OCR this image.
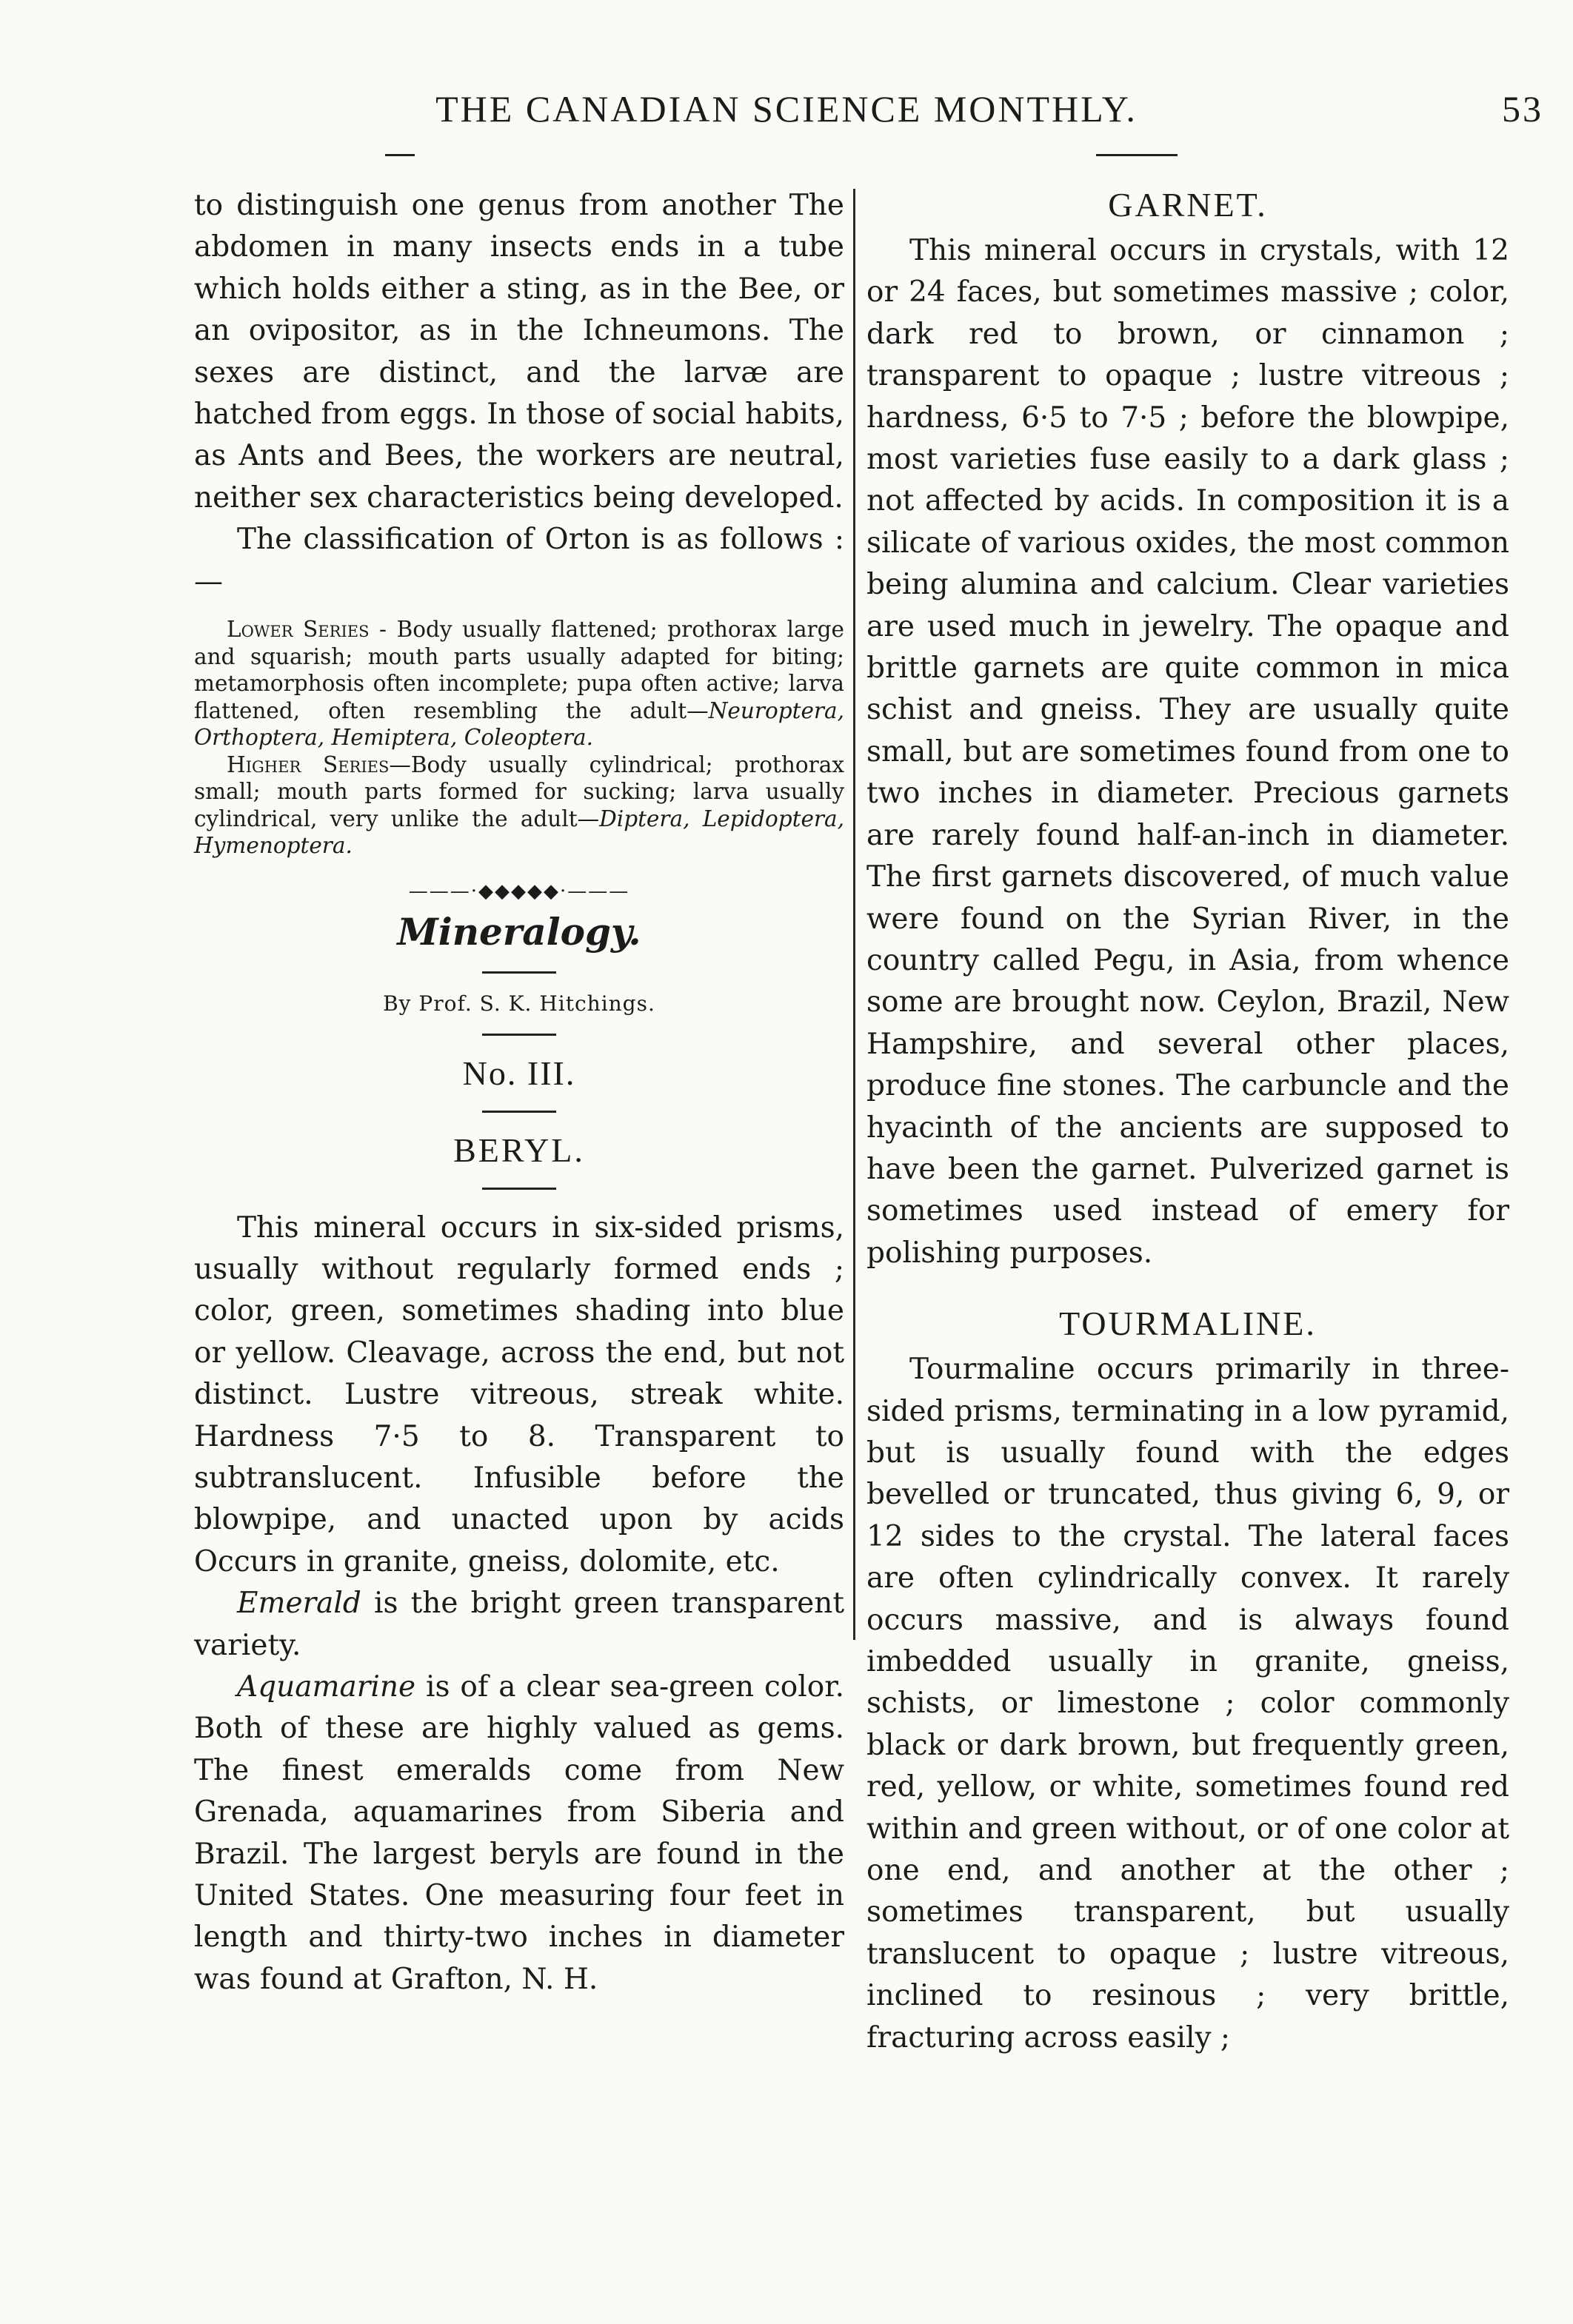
THE CANADIAN SCIENCE MONTHLY.	53

to distinguish one genus from another The abdomen in many insects ends in a tube which holds either a sting, as in the Bee, or an ovipositor, as in the Ichneumons. The sexes are distinct, and the larvæ are hatched from eggs. In those of social habits, as Ants and Bees, the workers are neutral, neither sex characteristics being developed.

The classification of Orton is as follows :—

Lower Series - Body usually flattened; prothorax large and squarish; mouth parts usually adapted for biting; metamorphosis often incomplete; pupa often active; larva flattened, often resembling the adult—Neuroptera, Orthoptera, Hemiptera, Coleoptera.

Higher Series—Body usually cylindrical; prothorax small; mouth parts formed for sucking; larva usually cylindrical, very unlike the adult—Diptera, Lepidoptera, Hymenoptera.

———·◆◆◆◆◆·———
Mineralogy.
By Prof. S. K. Hitchings.
No. III.
BERYL.

This mineral occurs in six-sided prisms, usually without regularly formed ends ; color, green, sometimes shading into blue or yellow. Cleavage, across the end, but not distinct. Lustre vitreous, streak white. Hardness 7·5 to 8. Transparent to subtranslucent. Infusible before the blowpipe, and unacted upon by acids Occurs in granite, gneiss, dolomite, etc.

Emerald is the bright green transparent variety.

Aquamarine is of a clear sea-green color. Both of these are highly valued as gems. The finest emeralds come from New Grenada, aquamarines from Siberia and Brazil. The largest beryls are found in the United States. One measuring four feet in length and thirty-two inches in diameter was found at Grafton, N. H.

GARNET.

This mineral occurs in crystals, with 12 or 24 faces, but sometimes massive ; color, dark red to brown, or cinnamon ; transparent to opaque ; lustre vitreous ; hardness, 6·5 to 7·5 ; before the blowpipe, most varieties fuse easily to a dark glass ; not affected by acids. In composition it is a silicate of various oxides, the most common being alumina and calcium. Clear varieties are used much in jewelry. The opaque and brittle garnets are quite common in mica schist and gneiss. They are usually quite small, but are sometimes found from one to two inches in diameter. Precious garnets are rarely found half-an-inch in diameter. The first garnets discovered, of much value were found on the Syrian River, in the country called Pegu, in Asia, from whence some are brought now. Ceylon, Brazil, New Hampshire, and several other places, produce fine stones. The carbuncle and the hyacinth of the ancients are supposed to have been the garnet. Pulverized garnet is sometimes used instead of emery for polishing purposes.

TOURMALINE.

Tourmaline occurs primarily in three-sided prisms, terminating in a low pyramid, but is usually found with the edges bevelled or truncated, thus giving 6, 9, or 12 sides to the crystal. The lateral faces are often cylindrically convex. It rarely occurs massive, and is always found imbedded usually in granite, gneiss, schists, or limestone ; color commonly black or dark brown, but frequently green, red, yellow, or white, sometimes found red within and green without, or of one color at one end, and another at the other ; sometimes transparent, but usually translucent to opaque ; lustre vitreous, inclined to resinous ; very brittle, fracturing across easily ;
